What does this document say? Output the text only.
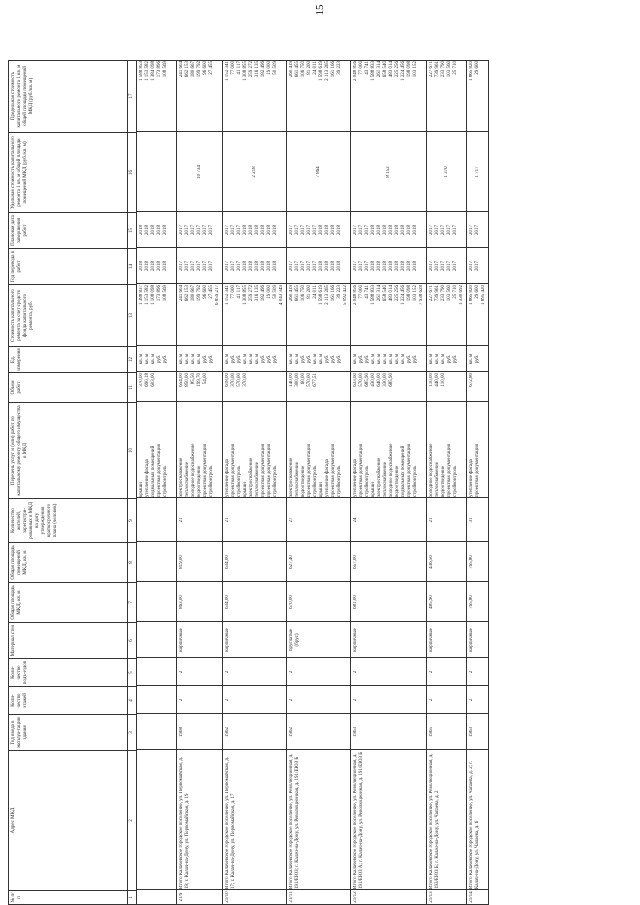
15
№ п/п
Адрес МКД
Год ввода в эксплуа-тацию здания
Коли-чество этажей
Коли-чество подъ-ездов
Материал стен
Общая площадь МКД, кв. м
Общая площадь помещений МКД, кв. м
Количество жителей, зарегистри-рованных в МКД на дату утверждения краткосрочного плана (человек)
Перечень услуг и (или) работ по капитальному ремонту общего имущества в МКД
Объем работ
Ед. измерения
Стоимость капитального ремонта за счет средств фонда капитального ремонта, руб.
Год перевода в работ
Плановая дата завершения работ
Удельная стоимость капитального ремонта 1 кв. м общей площади помещений МКД (руб./кв. м)
Предельная стоимость капитального ремонта 1 кв. м общей площади помещений МКД (руб./кв. м)
1
2
3
4
5
6
7
8
9
10
11
12
13
14
15
16
17
крыши утепление фасада подвальных помещений проектная документация стройконтроль
370,00 690,18 603,00
кв. м кв. м кв. м руб. руб.
1 388 837 1 153 582 1 108 098 173 896 108 569
2018 2018 2018 2018 2018
2018 2018 2018 2018 2018
1 588 853 1 153 582 1 384 098 173 896 108 569
21/9
Итого Калачевское городское поселение, ул. Первомайская, д. 19; г. Калач-на-Дону, ул. Первомайская, д. 19
1968
2
2
кирпичные
863,00
819,00
21
электроснабжение теплоснабжение холодное водоснабжение водоотведение проектная документация стройконтроль
654,00 850,00 85,50 199,70 54,00
кв. м кв. м кв. м кв. м руб. руб.
241 604 662 153 180 667 199 792 96 600 27 455
2017 2017 2017 2017 2017 2017
2017 2017 2017 2017 2017 2017
241 604 662 153 180 667 199 792 96 600 27 455
6 859 217
10 734
21/10
Итого Калачевское городское поселение, ул. Первомайская, д. 17; г. Калач-на-Дону, ул. Первомайская, д. 17
1962
2
2
кирпичные
634,00
634,00
21
утепление фасада проектная документация стройконтроль крыши электроснабжение теплоснабжение проектная документация проектная документация стройконтроль
618,00 370,00 570,00 370,00
кв. м руб. руб. кв. м кв. м кв. м руб. руб. руб.
1 152 341 77 000 41 117 1 308 855 259 272 316 135 182 496 19 000 50 509
2017 2017 2017 2018 2018 2018 2018 2018 2018
2017 2017 2017 2018 2018 2018 2018 2018 2018
1 152 341 77 000 41 117 1 308 855 259 272 316 135 182 496 19 000 50 509
4 043 349
2 218
21/11
Итого Калачевское городское поселение, ул. Революционная, д. 191/ЕЮЗ; г. Калач-на-Дону, ул. Революционная, д. 191/ЕЮЗ Б
1962
2
2
брусчатые (брус)
670,00
627,40
27
электроснабжение теплоснабжение водоотведение проектная документация стройконтроль крыши утепление фасада проектная документация стройконтроль
140,00 300,00 60,00 570,00 677,51
кв. м кв. м руб. руб. кв. м кв. м руб. руб. руб.
260 419 661 455 106 750 81 200 24 011 1 598 619 2 113 265 161 166 39 223
2017 2017 2017 2017 2017 2018 2018 2018 2018
2017 2017 2017 2017 2017 2018 2018 2018 2018
260 419 661 455 106 750 81 200 24 011 1 598 619 2 113 265 161 166 39 223
5 092 422
7 864
21/12
Итого Калачевское городское поселение, ул. Революционная, д. 191/ЕЮЗ А; г. Калач-на-Дону, ул. Революционная, д. 191/ЕЮЗ Б
1963
2
2
кирпичные
681,00
657,00
24
утепление фасада проектная документация стройконтроль крыши электроснабжение теплоснабжение холодное водоснабжение водоотведение подвальных помещений проектная документация стройконтроль
633,60 570,00 685,90 430,00 640,00 330,00 685,90
кв. м руб. руб. кв. м кв. м кв. м кв. м кв. м кв. м руб. руб.
2 048 856 77 000 43 741 1 588 833 261 314 658 540 483 014 225 256 1 224 456 198 098 103 152
2017 2017 2017 2018 2018 2018 2018 2018 2018 2018 2018
2017 2017 2017 2018 2018 2018 2018 2018 2018 2018 2018
2 048 856 77 000 43 741 1 588 833 261 314 658 540 483 014 225 256 1 224 456 198 098 103 152
7 938 628
8 152
21/13
Итого Калачевское городское поселение, ул. Революционная, д. 193/ЕЮЗ Б; г. Калач-на-Дону, ул. Чапаева, д. 2
1965
2
2
кирпичные
485,90
436,50
21
холодное водоснабжение теплоснабжение водоотведение проектная документация стройконтроль
110,00 440,00 110,00
кв. м кв. м кв. м руб. руб.
227 671 739 961 233 790 103 560 25 710
2017 2017 2017 2017 2017
2017 2017 2017 2017 2017
227 671 739 961 233 790 103 560 25 710
1 330 692
1 370
21/14
Итого Калачевское городское поселение, ул. Чапаева, д. 2; г. Калач-на-Дону, ул. Чапаева, д. 6
1963
2
2
кирпичные
765,80
765,80
31
утепление фасада проектная документация
672,80
кв. м руб.
1 865 820 29 600
2017 2017
2017 2017
1 865 820 29 600
1 895 420
1 717
